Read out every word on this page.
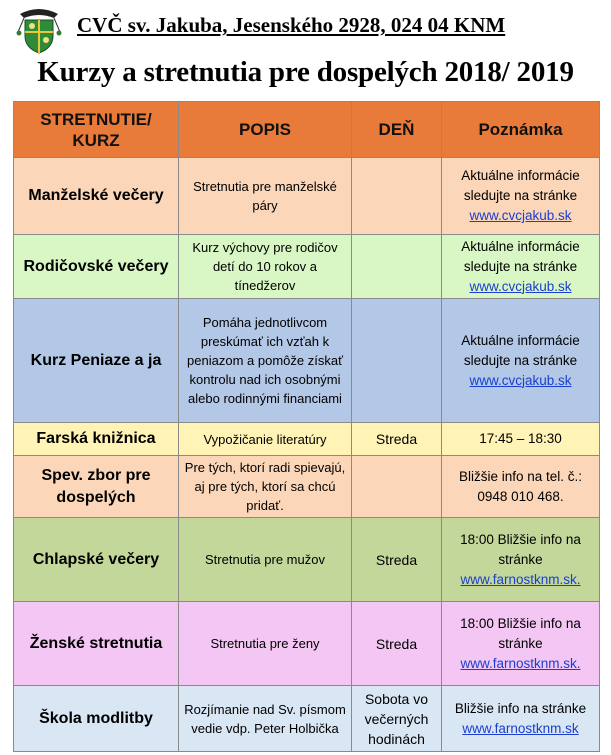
CVČ sv. Jakuba, Jesenského 2928, 024 04 KNM
Kurzy a stretnutia pre dospelých 2018/ 2019
STRETNUTIE/
KURZ	POPIS	DEŇ	Poznámka
Manželské večery	Stretnutia pre manželské páry		Aktuálne informácie sledujte na stránke
www.cvcjakub.sk
Rodičovské večery	Kurz výchovy pre rodičov detí do 10 rokov a tínedžerov		Aktuálne informácie sledujte na stránke
www.cvcjakub.sk
Kurz Peniaze a ja	Pomáha jednotlivcom preskúmať ich vzťah k peniazom a pomôže získať kontrolu nad ich osobnými alebo rodinnými financiami		Aktuálne informácie sledujte na stránke
www.cvcjakub.sk
Farská knižnica	Vypožičanie literatúry	Streda	17:45 – 18:30
Spev. zbor pre dospelých	Pre tých, ktorí radi spievajú, aj pre tých, ktorí sa chcú pridať.		Bližšie info na tel. č.: 0948 010 468.
Chlapské večery	Stretnutia pre mužov	Streda	18:00 Bližšie info na stránke
www.farnostknm.sk.
Ženské stretnutia	Stretnutia pre ženy	Streda	18:00 Bližšie info na stránke
www.farnostknm.sk.
Škola modlitby	Rozjímanie nad Sv. písmom vedie vdp. Peter Holbička	Sobota vo večerných hodinách	Bližšie info na stránke
www.farnostknm.sk
